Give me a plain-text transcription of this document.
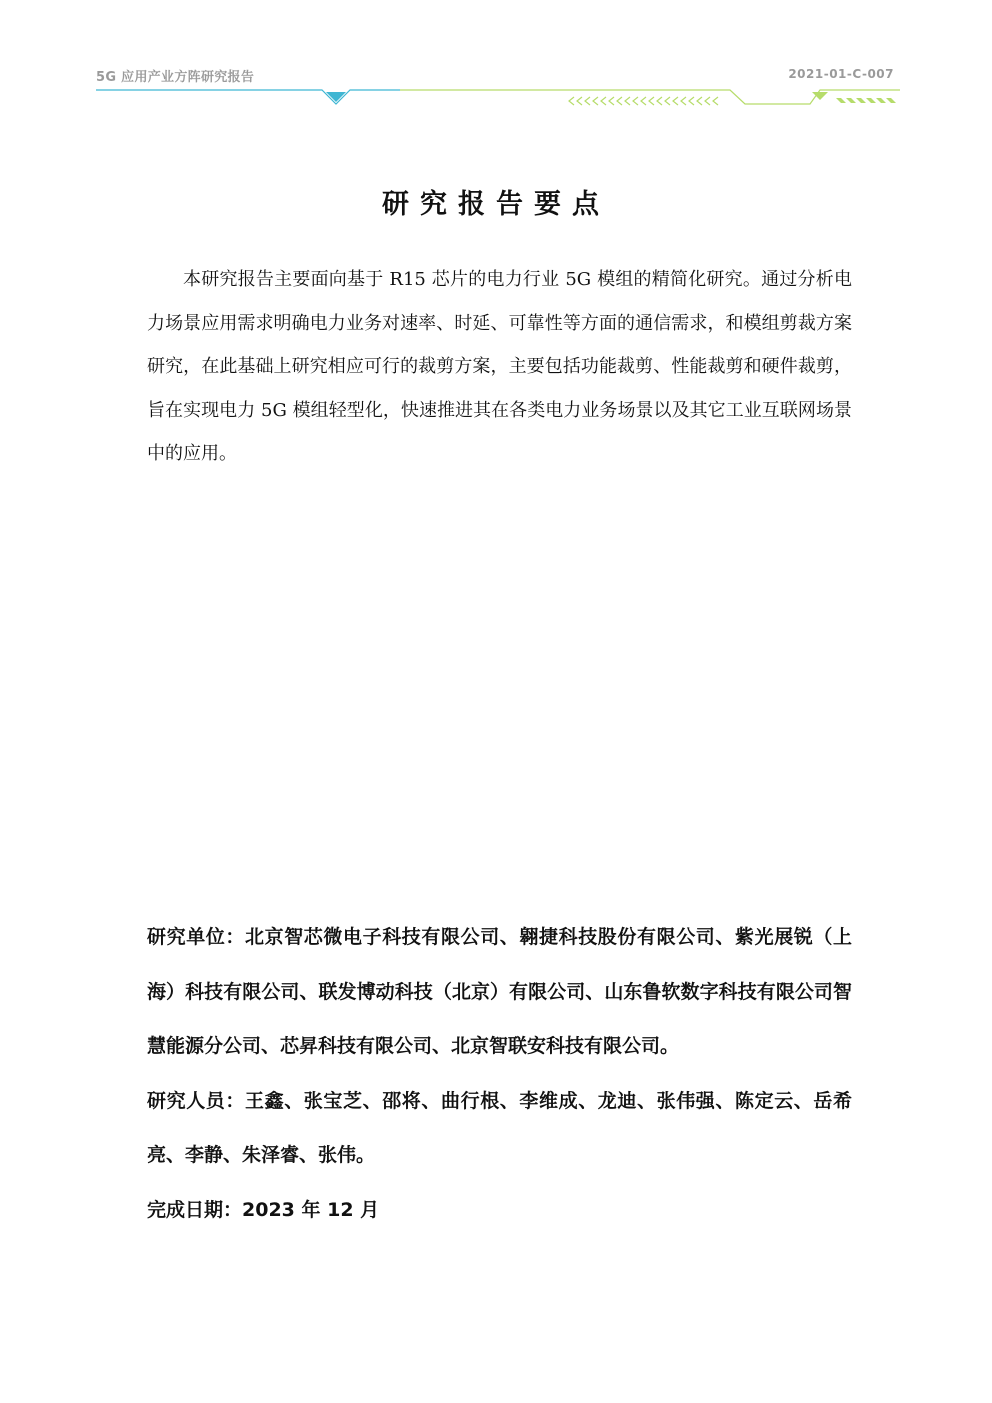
5G 应用产业方阵研究报告	2021-01-C-007
研究报告要点
本研究报告主要面向基于 R15 芯片的电力行业 5G 模组的精简化研究。通过分析电力场景应用需求明确电力业务对速率、时延、可靠性等方面的通信需求，和模组剪裁方案研究，在此基础上研究相应可行的裁剪方案，主要包括功能裁剪、性能裁剪和硬件裁剪，旨在实现电力 5G 模组轻型化，快速推进其在各类电力业务场景以及其它工业互联网场景中的应用。

研究单位：北京智芯微电子科技有限公司、翱捷科技股份有限公司、紫光展锐（上海）科技有限公司、联发博动科技（北京）有限公司、山东鲁软数字科技有限公司智慧能源分公司、芯昇科技有限公司、北京智联安科技有限公司。

研究人员：王鑫、张宝芝、邵将、曲行根、李维成、龙迪、张伟强、陈定云、岳希亮、李静、朱泽睿、张伟。

完成日期：2023 年 12 月
